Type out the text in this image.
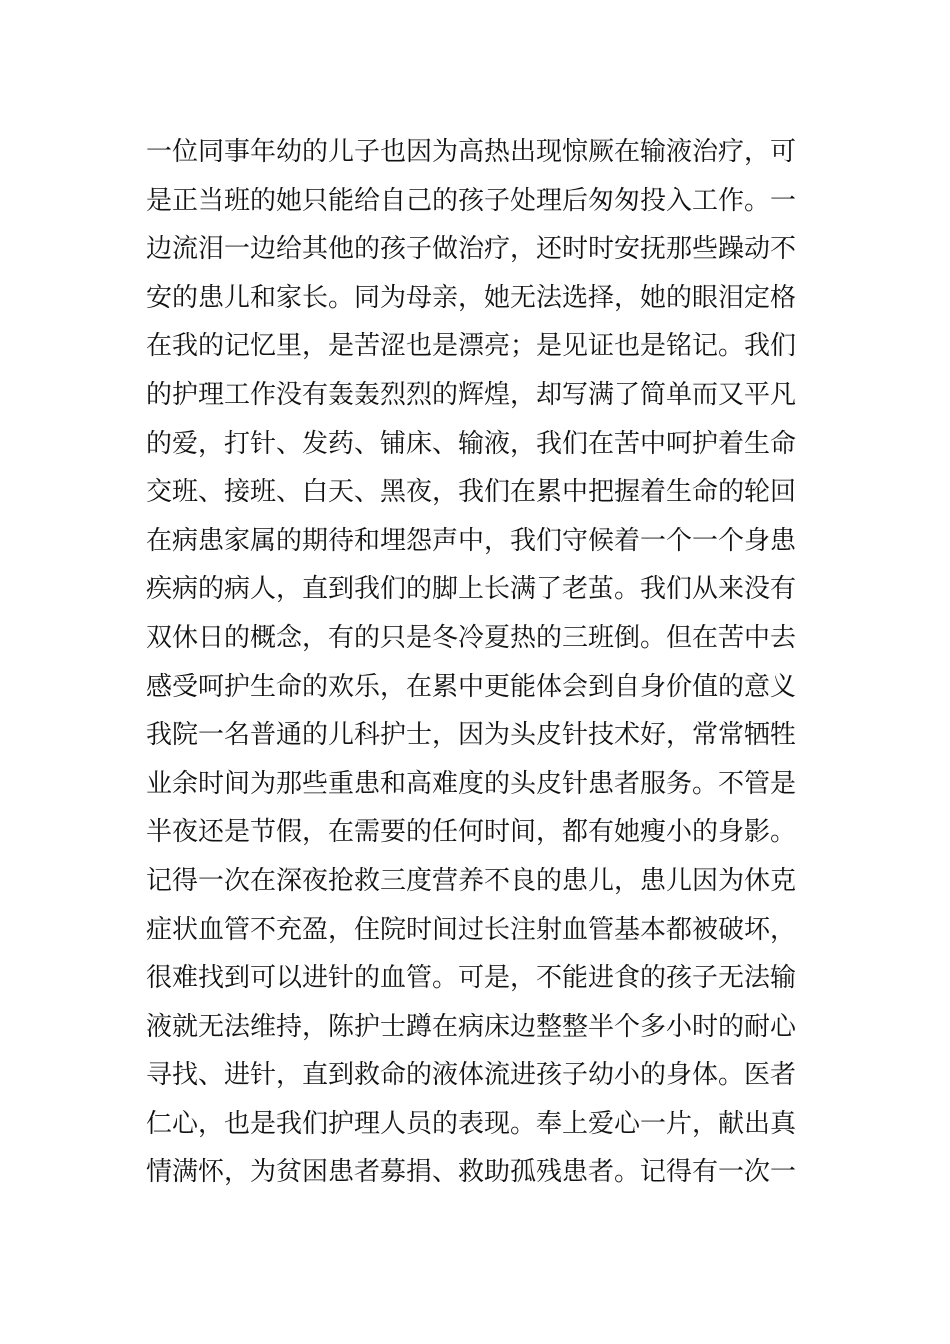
一位同事年幼的儿子也因为高热出现惊厥在输液治疗，可
是正当班的她只能给自己的孩子处理后匆匆投入工作。一
边流泪一边给其他的孩子做治疗，还时时安抚那些躁动不
安的患儿和家长。同为母亲，她无法选择，她的眼泪定格
在我的记忆里，是苦涩也是漂亮；是见证也是铭记。我们
的护理工作没有轰轰烈烈的辉煌，却写满了简单而又平凡
的爱，打针、发药、铺床、输液，我们在苦中呵护着生命
交班、接班、白天、黑夜，我们在累中把握着生命的轮回
在病患家属的期待和埋怨声中，我们守候着一个一个身患
疾病的病人，直到我们的脚上长满了老茧。我们从来没有
双休日的概念，有的只是冬冷夏热的三班倒。但在苦中去
感受呵护生命的欢乐，在累中更能体会到自身价值的意义
我院一名普通的儿科护士，因为头皮针技术好，常常牺牲
业余时间为那些重患和高难度的头皮针患者服务。不管是
半夜还是节假，在需要的任何时间，都有她瘦小的身影。
记得一次在深夜抢救三度营养不良的患儿，患儿因为休克
症状血管不充盈，住院时间过长注射血管基本都被破坏，
很难找到可以进针的血管。可是，不能进食的孩子无法输
液就无法维持，陈护士蹲在病床边整整半个多小时的耐心
寻找、进针，直到救命的液体流进孩子幼小的身体。医者
仁心，也是我们护理人员的表现。奉上爱心一片，献出真
情满怀，为贫困患者募捐、救助孤残患者。记得有一次一
